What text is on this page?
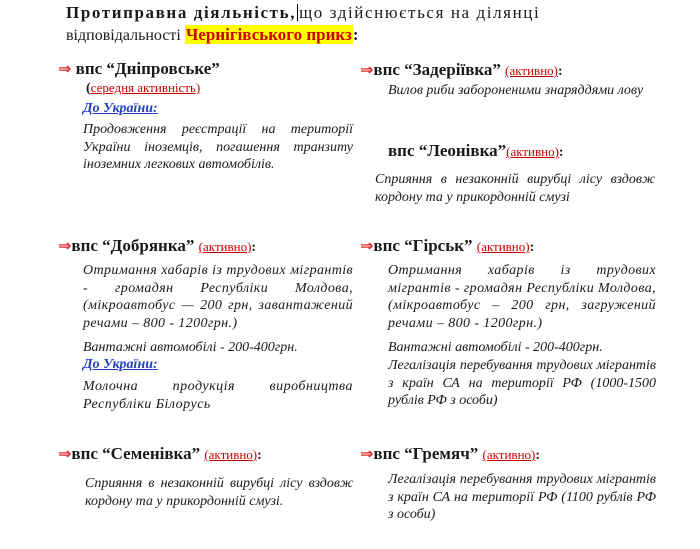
Протиправна діяльність, що здійснюється на ділянці
відповідальності Чернігівського прикз:
⇒ впс “Дніпровське”
(середня активність)
До України:
Продовження реєстрації на території України іноземців, погашення транзиту іноземних легкових автомобілів.
⇒впс “Задеріївка” (активно):
Вилов риби забороненими знаряддями лову
впс “Леонівка”(активно):
Сприяння в незаконній вирубці лісу вздовж кордону та у прикордонній смузі
⇒впс “Добрянка” (активно):
Отримання хабарів із трудових мігрантів - громадян Республіки Молдова, (мікроавтобус — 200 грн, завантажений речами – 800 - 1200грн.)
Вантажні автомобілі - 200-400грн.
До України:
Молочна продукція виробництва Республіки Білорусь
⇒впс “Гірськ” (активно):
Отримання хабарів із трудових мігрантів - громадян Республіки Молдова, (мікроавтобус – 200 грн, загружений речами – 800 - 1200грн.)
Вантажні автомобілі - 200-400грн.
Легалізація перебування трудових мігрантів з країн СА на території РФ (1000-1500 рублів РФ з особи)
⇒впс “Семенівка” (активно):
Сприяння в незаконній вирубці лісу вздовж кордону та у прикордонній смузі.
⇒впс “Гремяч” (активно):
Легалізація перебування трудових мігрантів з країн СА на території РФ (1100 рублів РФ з особи)
